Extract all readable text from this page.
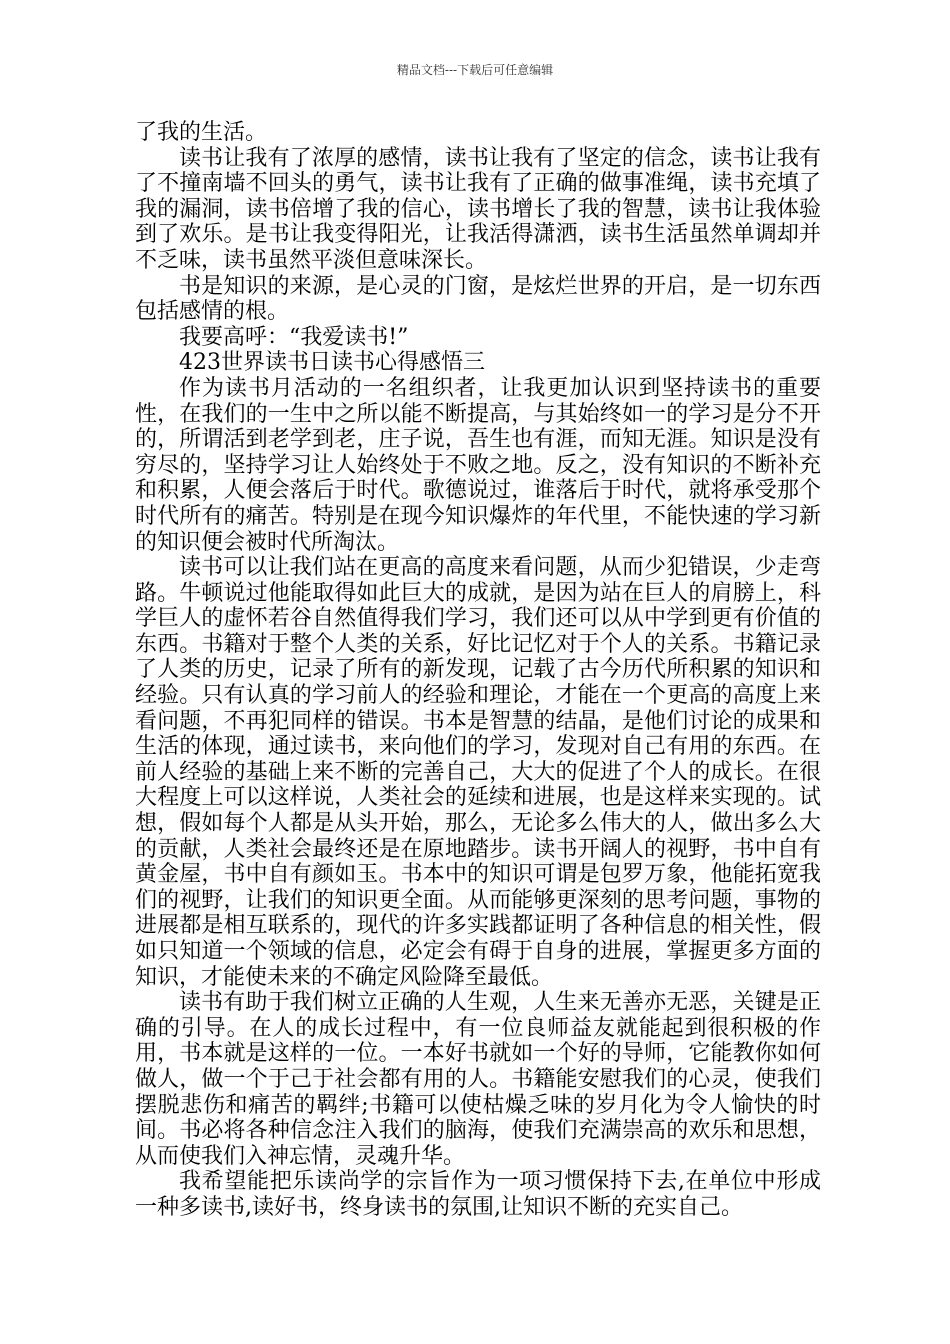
精品文档---下载后可任意编辑

了我的生活。

读书让我有了浓厚的感情，读书让我有了坚定的信念，读书让我有了不撞南墙不回头的勇气，读书让我有了正确的做事准绳，读书充填了我的漏洞，读书倍增了我的信心，读书增长了我的智慧，读书让我体验到了欢乐。是书让我变得阳光，让我活得潇洒，读书生活虽然单调却并不乏味，读书虽然平淡但意味深长。

书是知识的来源，是心灵的门窗，是炫烂世界的开启，是一切东西包括感情的根。

我要高呼：“我爱读书!”

423世界读书日读书心得感悟三

作为读书月活动的一名组织者，让我更加认识到坚持读书的重要性，在我们的一生中之所以能不断提高，与其始终如一的学习是分不开的，所谓活到老学到老，庄子说，吾生也有涯，而知无涯。知识是没有穷尽的，坚持学习让人始终处于不败之地。反之，没有知识的不断补充和积累，人便会落后于时代。歌德说过，谁落后于时代，就将承受那个时代所有的痛苦。特别是在现今知识爆炸的年代里，不能快速的学习新的知识便会被时代所淘汰。

读书可以让我们站在更高的高度来看问题，从而少犯错误，少走弯路。牛顿说过他能取得如此巨大的成就，是因为站在巨人的肩膀上，科学巨人的虚怀若谷自然值得我们学习，我们还可以从中学到更有价值的东西。书籍对于整个人类的关系，好比记忆对于个人的关系。书籍记录了人类的历史，记录了所有的新发现，记载了古今历代所积累的知识和经验。只有认真的学习前人的经验和理论，才能在一个更高的高度上来看问题，不再犯同样的错误。书本是智慧的结晶，是他们讨论的成果和生活的体现，通过读书，来向他们的学习，发现对自己有用的东西。在前人经验的基础上来不断的完善自己，大大的促进了个人的成长。在很大程度上可以这样说，人类社会的延续和进展，也是这样来实现的。试想，假如每个人都是从头开始，那么，无论多么伟大的人，做出多么大的贡献，人类社会最终还是在原地踏步。读书开阔人的视野，书中自有黄金屋，书中自有颜如玉。书本中的知识可谓是包罗万象，他能拓宽我们的视野，让我们的知识更全面。从而能够更深刻的思考问题，事物的进展都是相互联系的，现代的许多实践都证明了各种信息的相关性，假如只知道一个领域的信息，必定会有碍于自身的进展，掌握更多方面的知识，才能使未来的不确定风险降至最低。

读书有助于我们树立正确的人生观，人生来无善亦无恶，关键是正确的引导。在人的成长过程中，有一位良师益友就能起到很积极的作用，书本就是这样的一位。一本好书就如一个好的导师，它能教你如何做人，做一个于己于社会都有用的人。书籍能安慰我们的心灵，使我们摆脱悲伤和痛苦的羁绊;书籍可以使枯燥乏味的岁月化为令人愉快的时间。书必将各种信念注入我们的脑海，使我们充满崇高的欢乐和思想，从而使我们入神忘情，灵魂升华。

我希望能把乐读尚学的宗旨作为一项习惯保持下去,在单位中形成一种多读书,读好书，终身读书的氛围,让知识不断的充实自己。
